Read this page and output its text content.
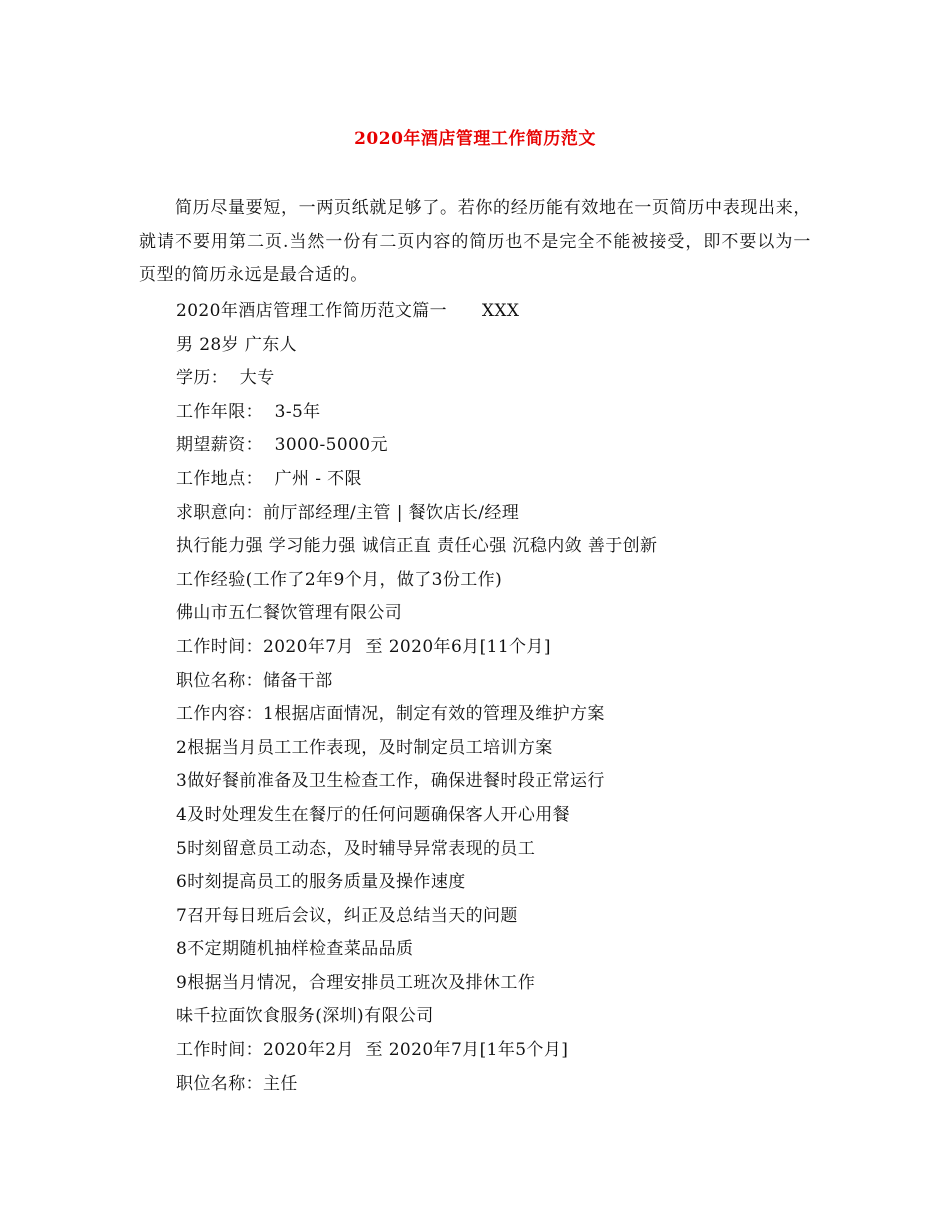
2020年酒店管理工作简历范文
简历尽量要短，一两页纸就足够了。若你的经历能有效地在一页简历中表现出来，就请不要用第二页.当然一份有二页内容的简历也不是完全不能被接受，即不要以为一页型的简历永远是最合适的。
2020年酒店管理工作简历范文篇一　　XXX
男 28岁 广东人
学历：  大专
工作年限：  3-5年
期望薪资：  3000-5000元
工作地点：  广州 - 不限
求职意向：前厅部经理/主管 | 餐饮店长/经理
执行能力强 学习能力强 诚信正直 责任心强 沉稳内敛 善于创新
工作经验(工作了2年9个月，做了3份工作)
佛山市五仁餐饮管理有限公司
工作时间：2020年7月  至 2020年6月[11个月]
职位名称：储备干部
工作内容：1根据店面情况，制定有效的管理及维护方案
2根据当月员工工作表现，及时制定员工培训方案
3做好餐前准备及卫生检查工作，确保进餐时段正常运行
4及时处理发生在餐厅的任何问题确保客人开心用餐
5时刻留意员工动态，及时辅导异常表现的员工
6时刻提高员工的服务质量及操作速度
7召开每日班后会议，纠正及总结当天的问题
8不定期随机抽样检查菜品品质
9根据当月情况，合理安排员工班次及排休工作
味千拉面饮食服务(深圳)有限公司
工作时间：2020年2月  至 2020年7月[1年5个月]
职位名称：主任
